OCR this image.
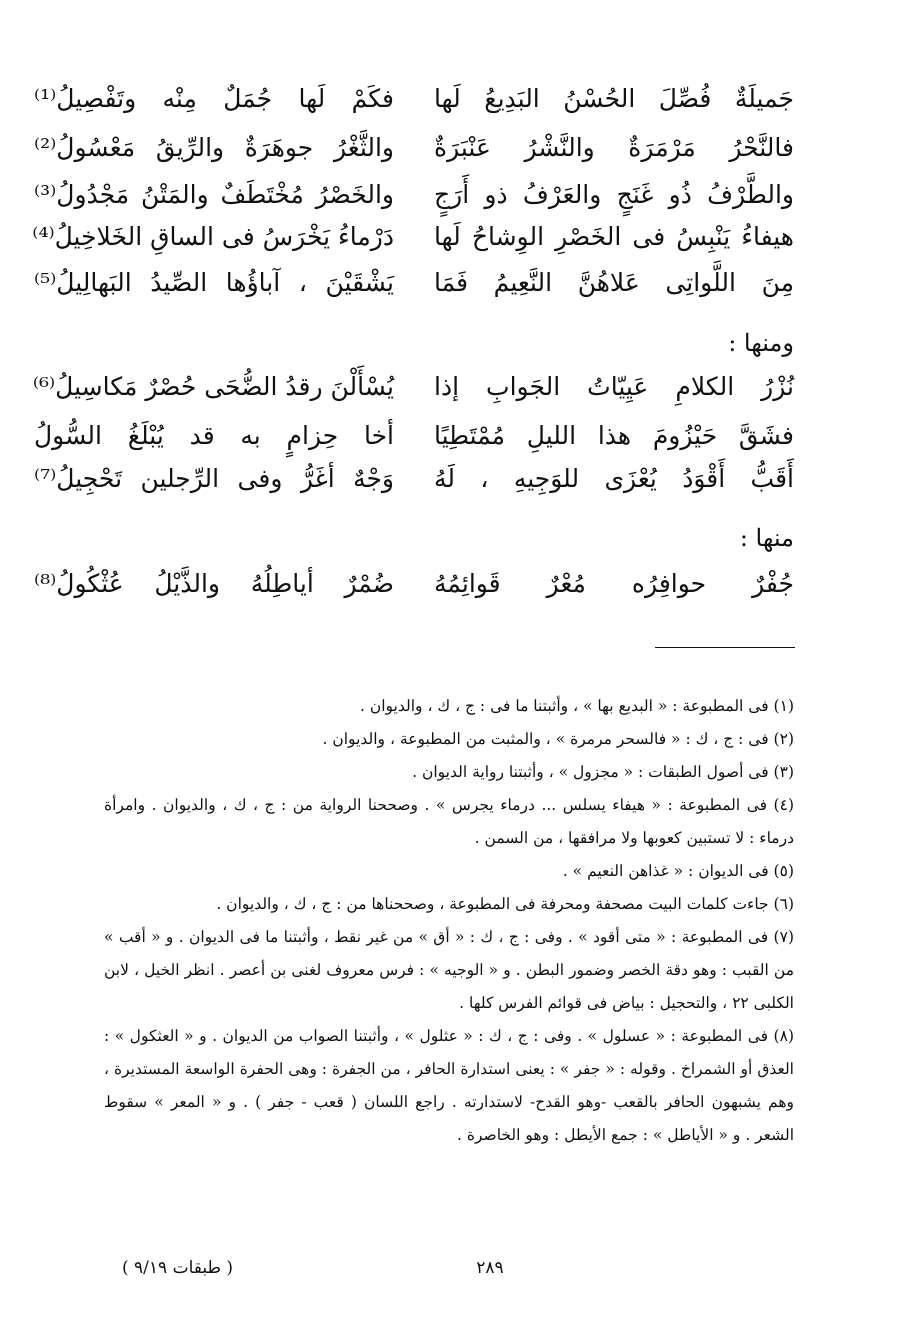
جَميلَةٌ فُصِّلَ الحُسْنُ البَدِيعُ لَها
فكَمْ لَها جُمَلٌ مِنْه وتَفْصِيلُ⁽¹⁾
فالنَّحْرُ مَرْمَرَةٌ والنَّشْرُ عَنْبَرَةٌ
والثَّغْرُ جوهَرَةٌ والرِّيقُ مَعْسُولُ⁽²⁾
والطَّرْفُ ذُو غَنَجٍ والعَرْفُ ذو أَرَجٍ
والخَصْرُ مُخْتَطَفٌ والمَتْنُ مَجْدُولُ⁽³⁾
هيفاءُ يَنْبِسُ فى الخَصْرِ الوِشاحُ لَها
دَرْماءُ يَخْرَسُ فى الساقِ الخَلاخِيلُ⁽⁴⁾
مِنَ اللَّواتِى عَلاهُنَّ النَّعِيمُ فَمَا
يَشْقَيْنَ ، آباؤُها الصِّيدُ البَهالِيلُ⁽⁵⁾
ومنها :
نُزْرُ الكلامِ عَيِيّاتُ الجَوابِ إذا
يُسْأَلْنَ رقدُ الضُّحَى حُصْرٌ مَكاسِيلُ⁽⁶⁾
فشَقَّ حَيْزُومَ هذا الليلِ مُمْتَطِيًا
أخا حِزامٍ به قد يُبْلَغُ السُّولُ
أَقَبُّ أَقْوَدُ يُعْزَى للوَجِيهِ ، لَهُ
وَجْهٌ أغَرُّ وفى الرِّجلين تَحْجِيلُ⁽⁷⁾
منها :
جُفْرٌ حوافِرُه مُعْرٌ قَوائِمُهُ
ضُمْرٌ أياطِلُهُ والذَّيْلُ عُثْكُولُ⁽⁸⁾

(١) فى المطبوعة : « البديع بها » ، وأثبتنا ما فى : ج ، ك ، والديوان .

(٢) فى : ج ، ك : « فالسحر مرمرة » ، والمثبت من المطبوعة ، والديوان .

(٣) فى أصول الطبقات : « مجزول » ، وأثبتنا رواية الديوان .

(٤) فى المطبوعة : « هيفاء يسلس ... درماء يجرس » . وصححنا الرواية من : ج ، ك ، والديوان . وامرأة درماء : لا تستبين كعوبها ولا مرافقها ، من السمن .

(٥) فى الديوان : « غذاهن النعيم » .

(٦) جاءت كلمات البيت مصحفة ومحرفة فى المطبوعة ، وصححناها من : ج ، ك ، والديوان .

(٧) فى المطبوعة : « متى أقود » . وفى : ج ، ك : « أق » من غير نقط ، وأثبتنا ما فى الديوان . و « أقب » من القبب : وهو دقة الخصر وضمور البطن . و « الوجيه » : فرس معروف لغنى بن أعصر . انظر الخيل ، لابن الكلبى ٢٢ ، والتحجيل : بياض فى قوائم الفرس كلها .

(٨) فى المطبوعة : « عسلول » . وفى : ج ، ك : « عثلول » ، وأثبتنا الصواب من الديوان . و « العثكول » : العذق أو الشمراخ . وقوله : « جفر » : يعنى استدارة الحافر ، من الجفرة : وهى الحفرة الواسعة المستديرة ، وهم يشبهون الحافر بالقعب -وهو القدح- لاستدارته . راجع اللسان ( قعب - جفر ) . و « المعر » سقوط الشعر . و « الأياطل » : جمع الأيطل : وهو الخاصرة .

٢٨٩
( طبقات ٩/١٩ )
